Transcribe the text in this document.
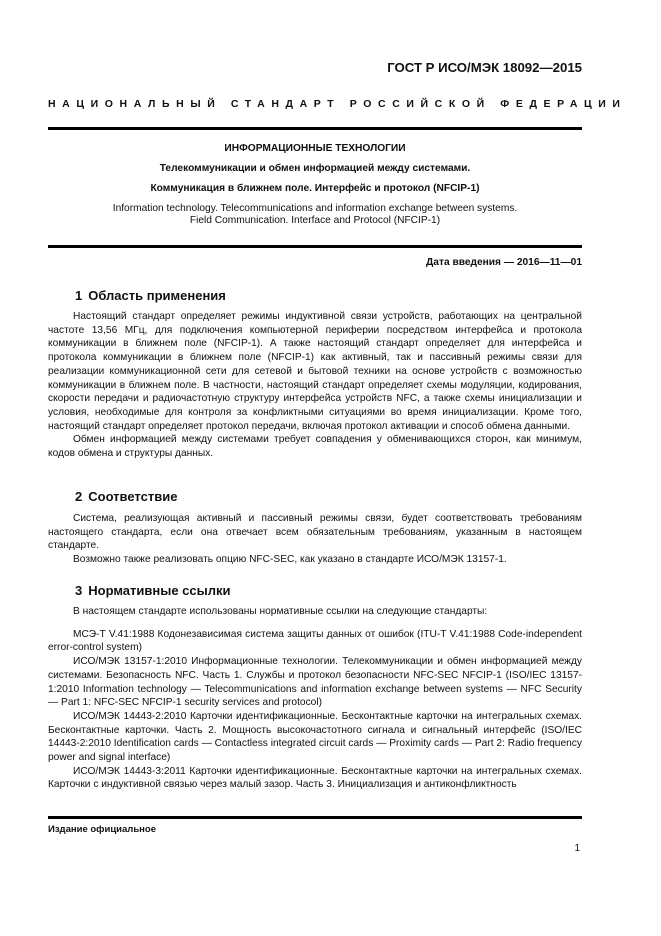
ГОСТ Р ИСО/МЭК 18092—2015
НАЦИОНАЛЬНЫЙ СТАНДАРТ РОССИЙСКОЙ ФЕДЕРАЦИИ
ИНФОРМАЦИОННЫЕ ТЕХНОЛОГИИ
Телекоммуникации и обмен информацией между системами.
Коммуникация в ближнем поле. Интерфейс и протокол (NFCIP-1)
Information technology. Telecommunications and information exchange between systems.
Field Communication. Interface and Protocol (NFCIP-1)
Дата введения — 2016—11—01
1 Область применения

Настоящий стандарт определяет режимы индуктивной связи устройств, работающих на центральной частоте 13,56 МГц, для подключения компьютерной периферии посредством интерфейса и протокола коммуникации в ближнем поле (NFCIP-1). А также настоящий стандарт определяет для интерфейса и протокола коммуникации в ближнем поле (NFCIP-1) как активный, так и пассивный режимы связи для реализации коммуникационной сети для сетевой и бытовой техники на основе устройств с возможностью коммуникации в ближнем поле. В частности, настоящий стандарт определяет схемы модуляции, кодирования, скорости передачи и радиочастотную структуру интерфейса устройств NFC, а также схемы инициализации и условия, необходимые для контроля за конфликтными ситуациями во время инициализации. Кроме того, настоящий стандарт определяет протокол передачи, включая протокол активации и способ обмена данными.

Обмен информацией между системами требует совпадения у обменивающихся сторон, как минимум, кодов обмена и структуры данных.

2 Соответствие

Система, реализующая активный и пассивный режимы связи, будет соответствовать требованиям настоящего стандарта, если она отвечает всем обязательным требованиям, указанным в настоящем стандарте.

Возможно также реализовать опцию NFC-SEC, как указано в стандарте ИСО/МЭК 13157-1.

3 Нормативные ссылки

В настоящем стандарте использованы нормативные ссылки на следующие стандарты:

МСЭ-Т V.41:1988 Кодонезависимая система защиты данных от ошибок (ITU-T V.41:1988 Code-independent error-control system)

ИСО/МЭК 13157-1:2010 Информационные технологии. Телекоммуникации и обмен информацией между системами. Безопасность NFC. Часть 1. Службы и протокол безопасности NFC-SEC NFCIP-1 (ISO/IEC 13157-1:2010 Information technology — Telecommunications and information exchange between systems — NFC Security — Part 1: NFC-SEC NFCIP-1 security services and protocol)

ИСО/МЭК 14443-2:2010 Карточки идентификационные. Бесконтактные карточки на интегральных схемах. Бесконтактные карточки. Часть 2. Мощность высокочастотного сигнала и сигнальный интерфейс (ISO/IEC 14443-2:2010 Identification cards — Contactless integrated circuit cards — Proximity cards — Part 2: Radio frequency power and signal interface)

ИСО/МЭК 14443-3:2011 Карточки идентификационные. Бесконтактные карточки на интегральных схемах. Карточки с индуктивной связью через малый зазор. Часть 3. Инициализация и антиконфликтность

Издание официальное
1
